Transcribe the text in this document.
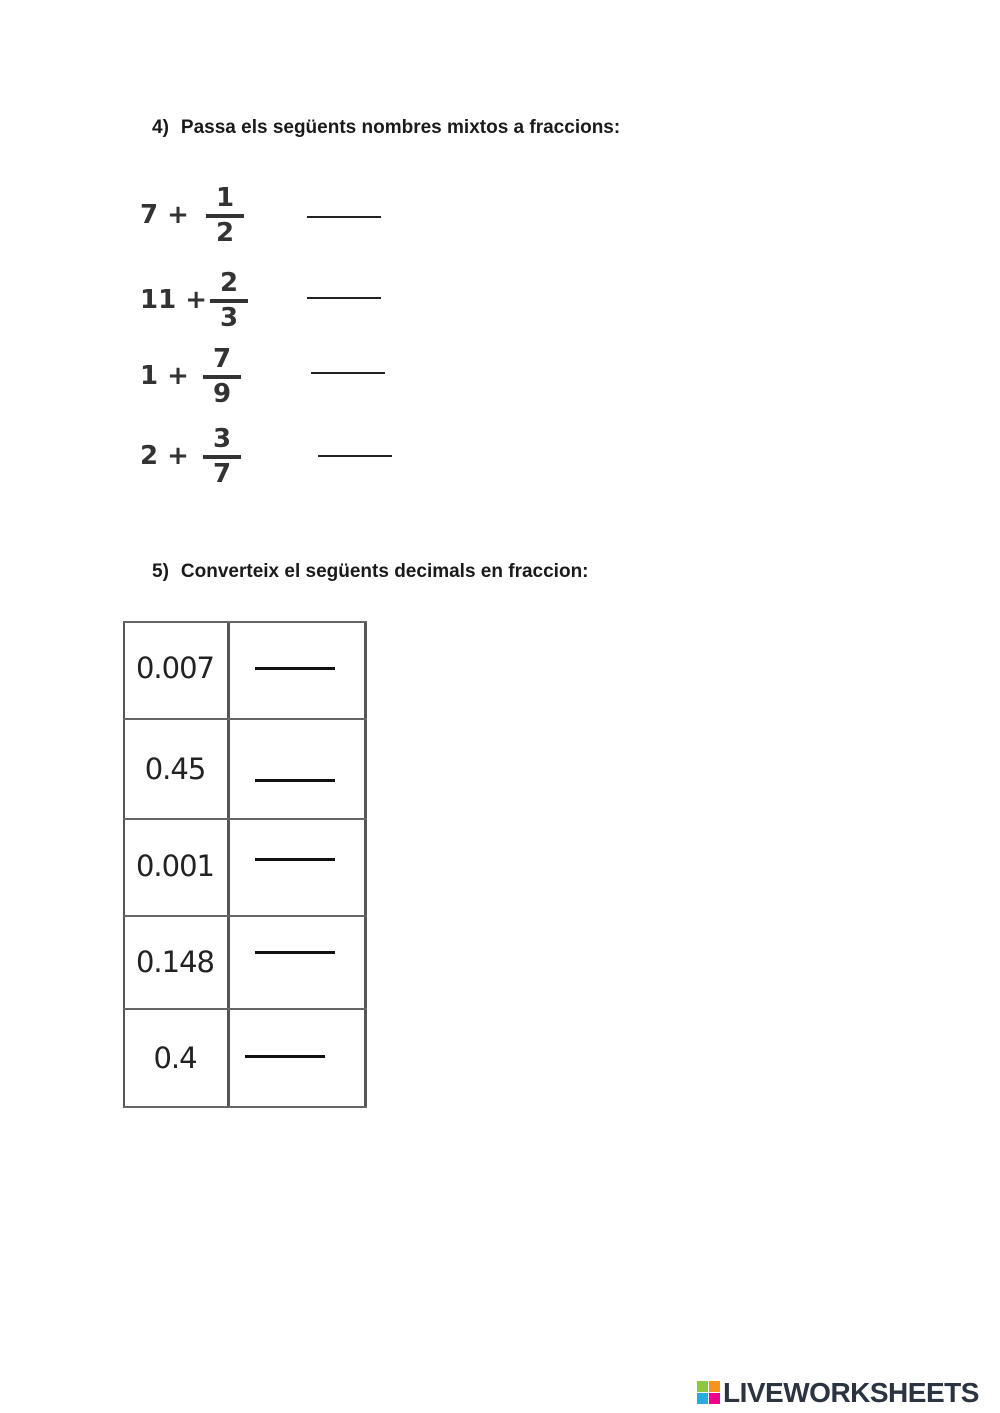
4) Passa els següents nombres mixtos a fraccions:
7 +
1
2
11 +
2
3
1 +
7
9
2 +
3
7
5) Converteix el següents decimals en fraccion:
0.007
0.45
0.001
0.148
0.4
LIVEWORKSHEETS
